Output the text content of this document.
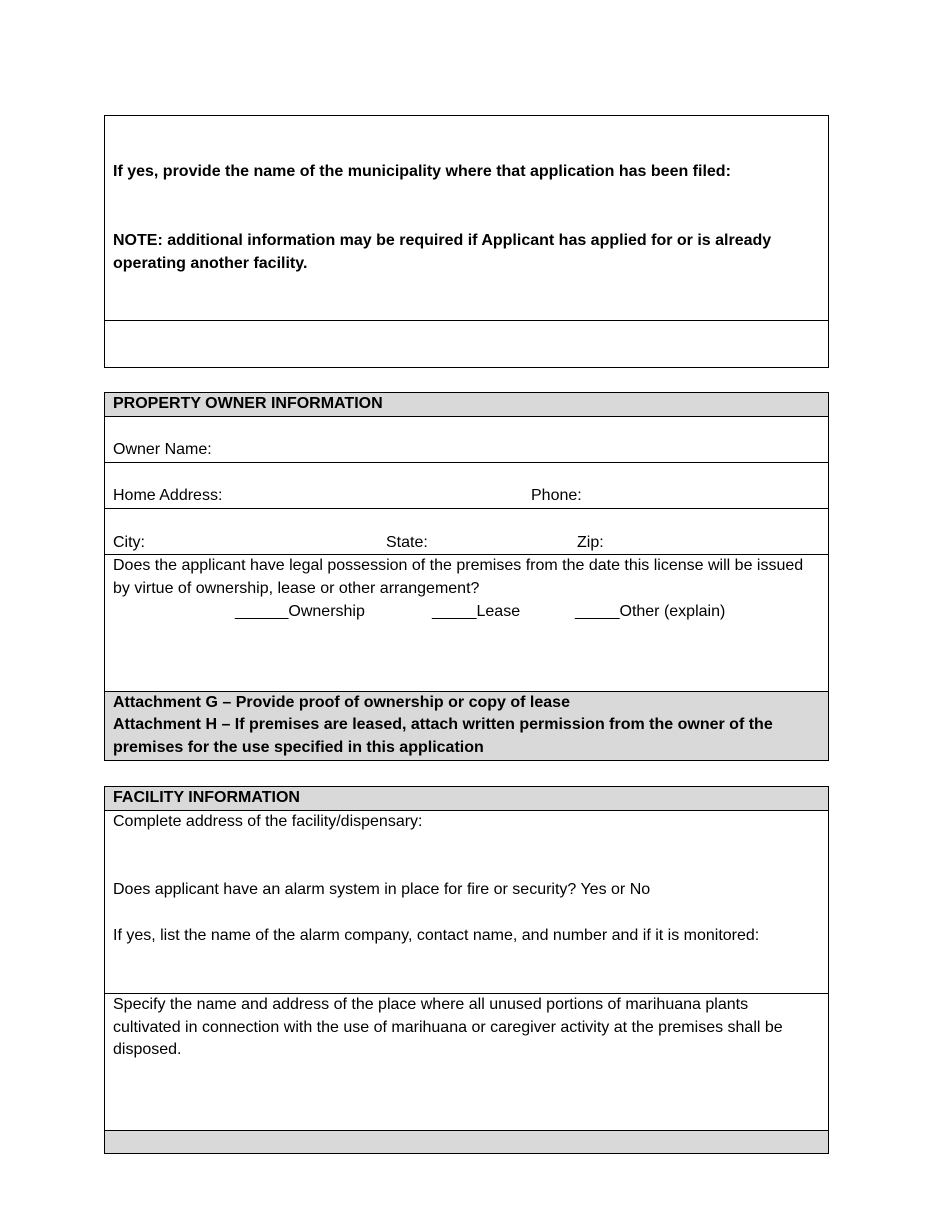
If yes, provide the name of the municipality where that application has been filed:
NOTE: additional information may be required if Applicant has applied for or is already operating another facility.
PROPERTY OWNER INFORMATION
Owner Name:
Home Address:	Phone:
City:	State:	Zip:
Does the applicant have legal possession of the premises from the date this license will be issued by virtue of ownership, lease or other arrangement?
______Ownership	_____Lease	_____Other (explain)
Attachment G – Provide proof of ownership or copy of lease
Attachment H – If premises are leased, attach written permission from the owner of the premises for the use specified in this application
FACILITY INFORMATION
Complete address of the facility/dispensary:
Does applicant have an alarm system in place for fire or security? Yes or No
If yes, list the name of the alarm company, contact name, and number and if it is monitored:
Specify the name and address of the place where all unused portions of marihuana plants cultivated in connection with the use of marihuana or caregiver activity at the premises shall be disposed.
